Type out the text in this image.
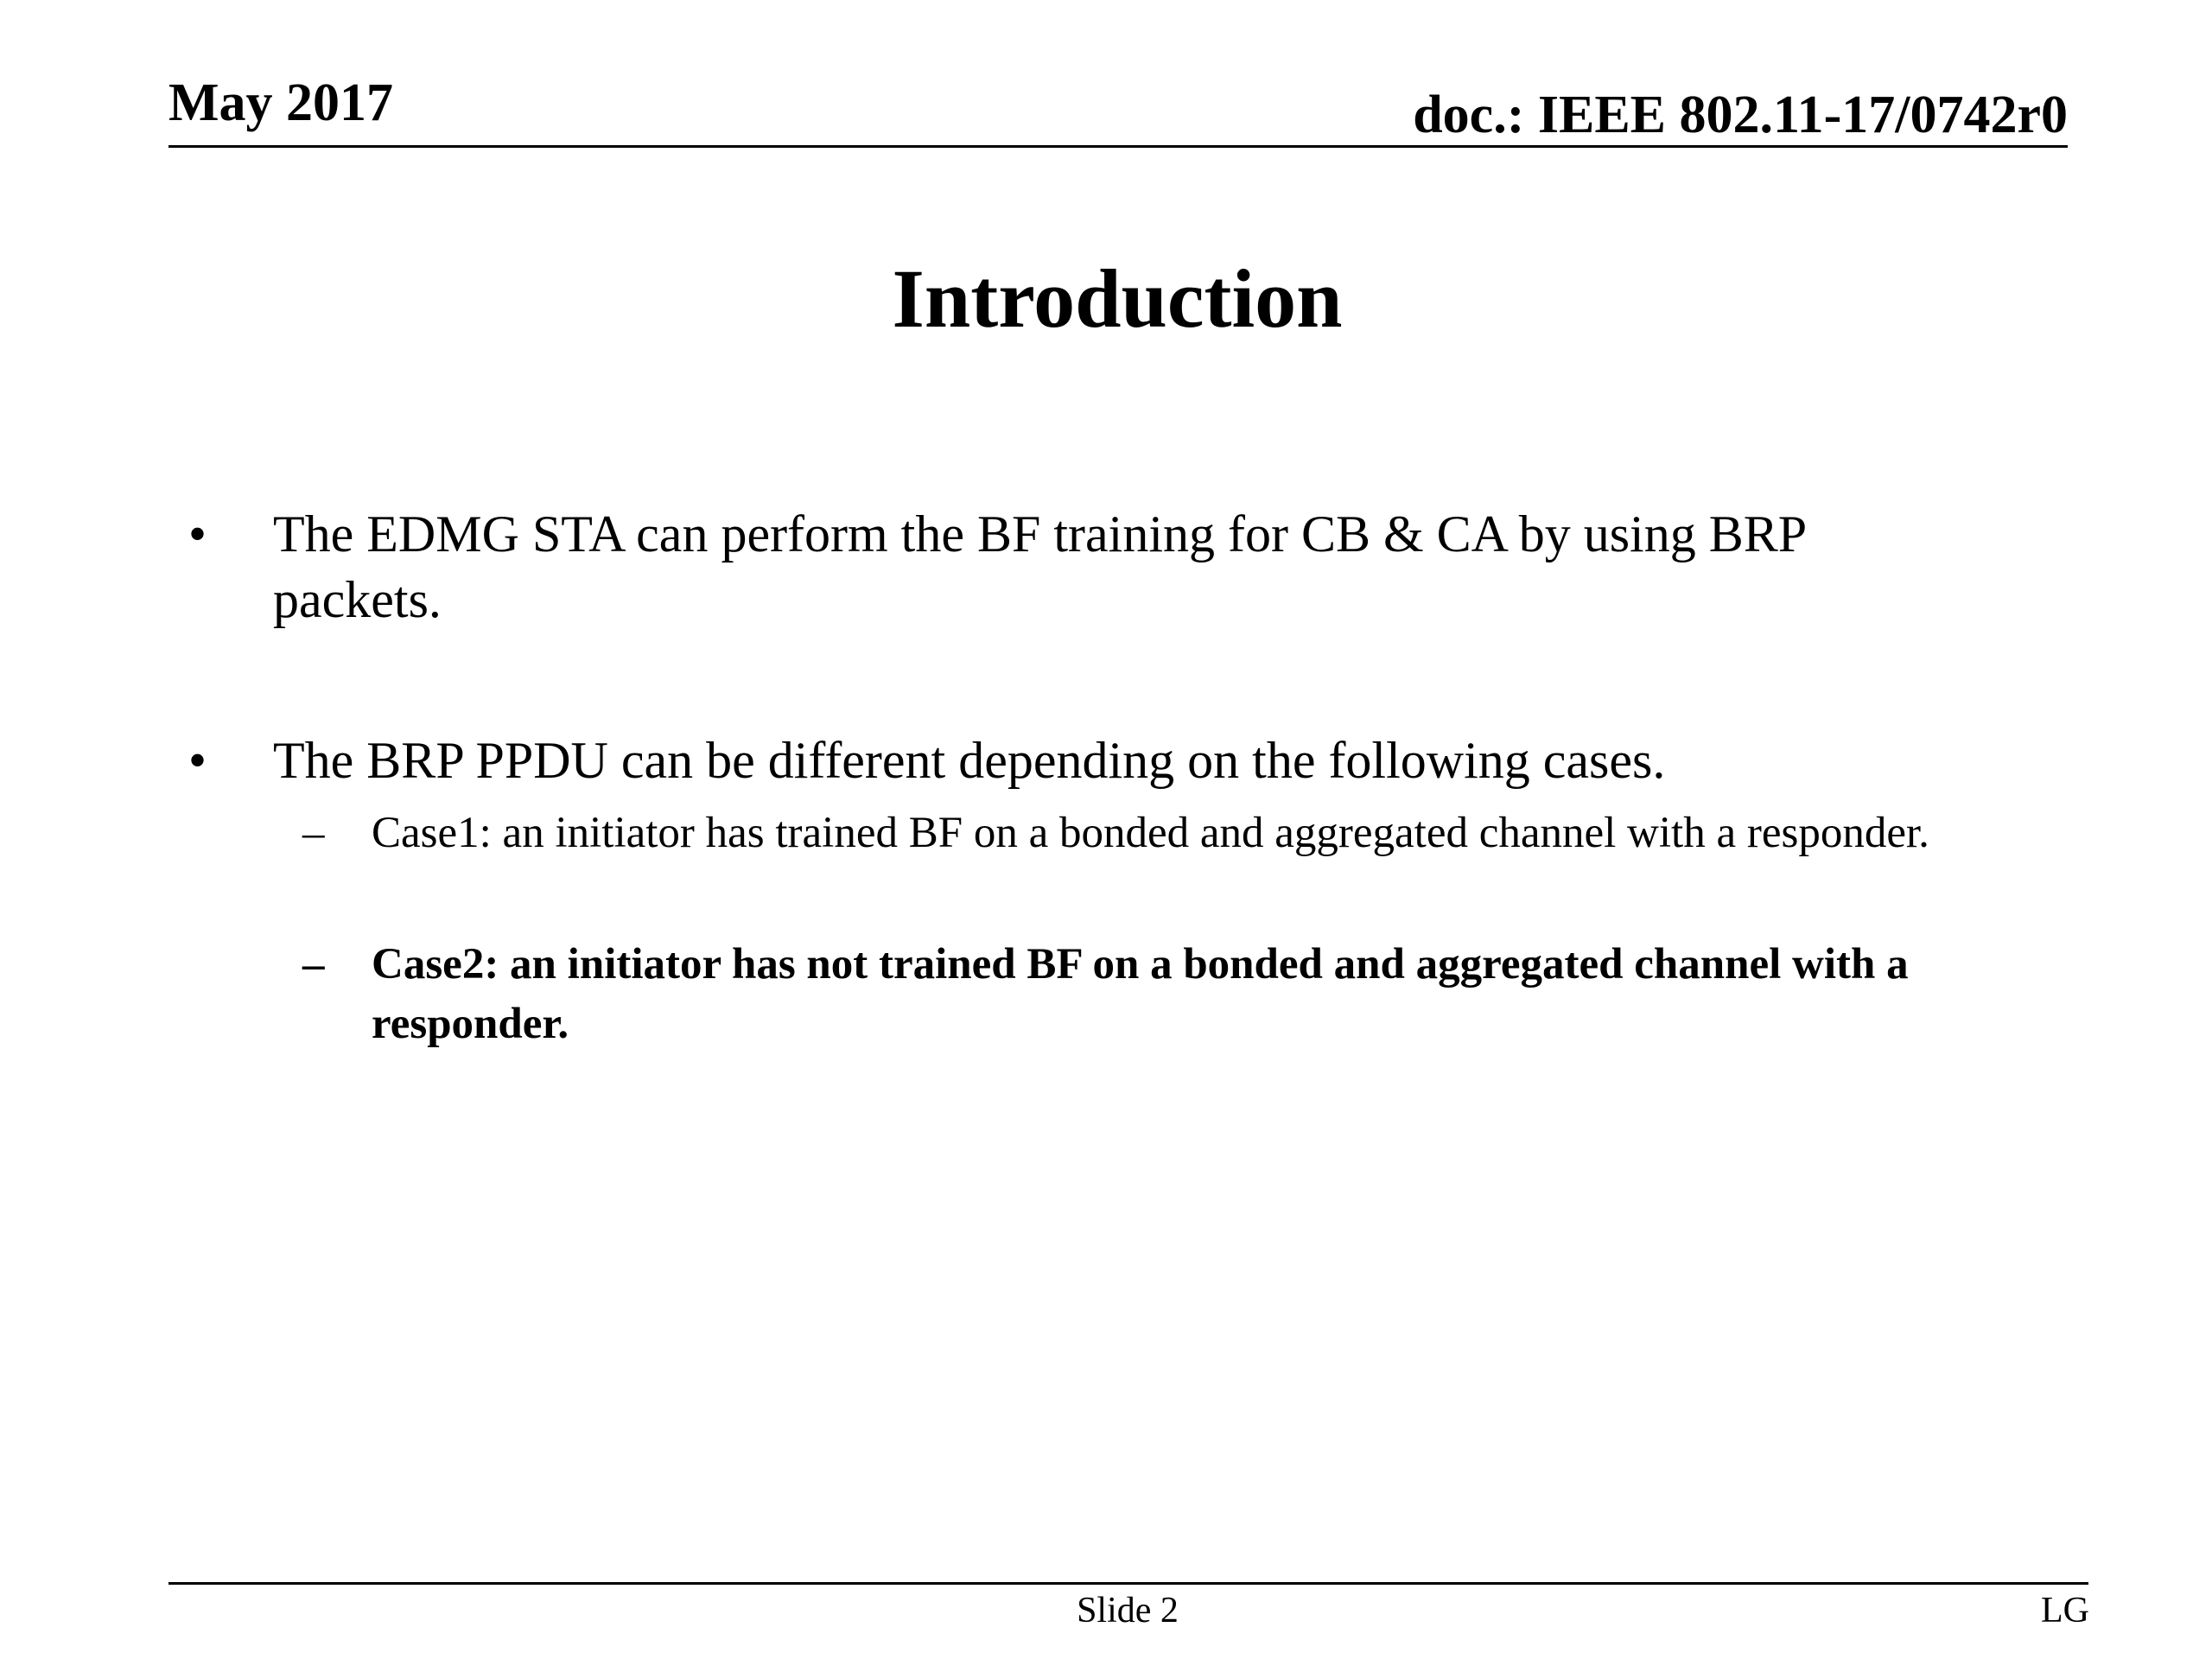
May 2017	doc.: IEEE 802.11-17/0742r0
Introduction
• The EDMG STA can perform the BF training for CB & CA by using BRP packets.
• The BRP PPDU can be different depending on the following cases.
– Case1: an initiator has trained BF on a bonded and aggregated channel with a responder.
– Case2: an initiator has not trained BF on a bonded and aggregated channel with a responder.
Slide 2	LG
